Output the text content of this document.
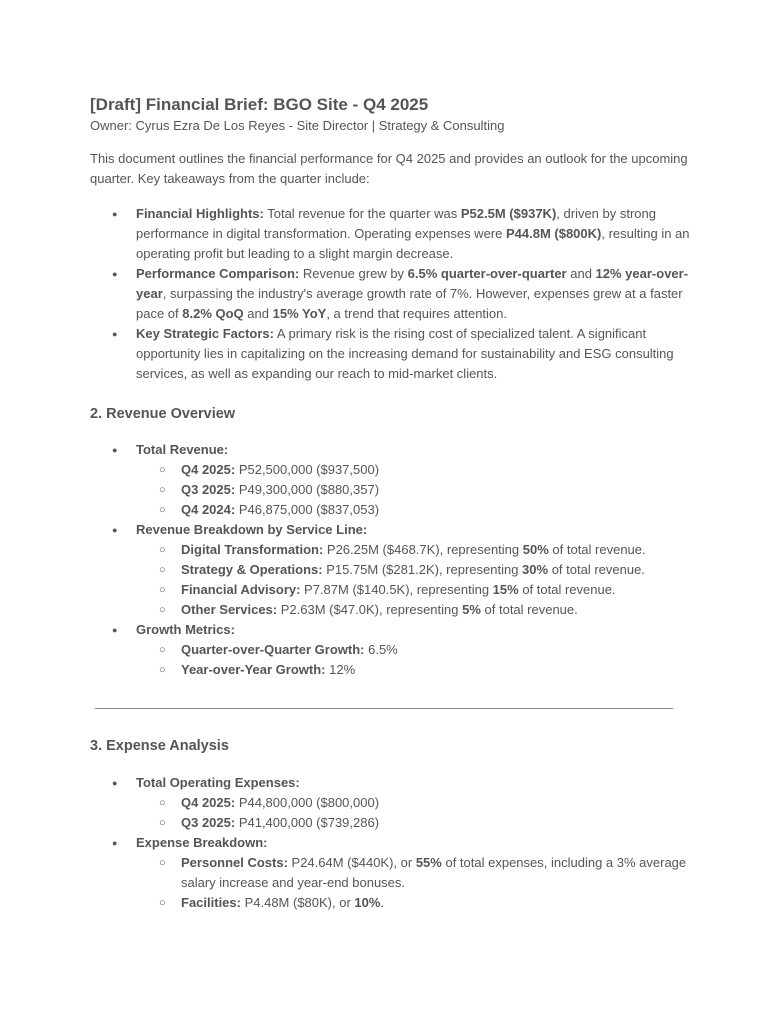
[Draft] Financial Brief: BGO Site - Q4 2025

Owner: Cyrus Ezra De Los Reyes - Site Director | Strategy & Consulting

This document outlines the financial performance for Q4 2025 and provides an outlook for the upcoming quarter. Key takeaways from the quarter include:

● Financial Highlights: Total revenue for the quarter was P52.5M ($937K), driven by strong performance in digital transformation. Operating expenses were P44.8M ($800K), resulting in an operating profit but leading to a slight margin decrease.
● Performance Comparison: Revenue grew by 6.5% quarter-over-quarter and 12% year-over-year, surpassing the industry's average growth rate of 7%. However, expenses grew at a faster pace of 8.2% QoQ and 15% YoY, a trend that requires attention.
● Key Strategic Factors: A primary risk is the rising cost of specialized talent. A significant opportunity lies in capitalizing on the increasing demand for sustainability and ESG consulting services, as well as expanding our reach to mid-market clients.
2. Revenue Overview
● Total Revenue:
○ Q4 2025: P52,500,000 ($937,500)
○ Q3 2025: P49,300,000 ($880,357)
○ Q4 2024: P46,875,000 ($837,053)
● Revenue Breakdown by Service Line:
○ Digital Transformation: P26.25M ($468.7K), representing 50% of total revenue.
○ Strategy & Operations: P15.75M ($281.2K), representing 30% of total revenue.
○ Financial Advisory: P7.87M ($140.5K), representing 15% of total revenue.
○ Other Services: P2.63M ($47.0K), representing 5% of total revenue.
● Growth Metrics:
○ Quarter-over-Quarter Growth: 6.5%
○ Year-over-Year Growth: 12%
3. Expense Analysis
● Total Operating Expenses:
○ Q4 2025: P44,800,000 ($800,000)
○ Q3 2025: P41,400,000 ($739,286)
● Expense Breakdown:
○ Personnel Costs: P24.64M ($440K), or 55% of total expenses, including a 3% average salary increase and year-end bonuses.
○ Facilities: P4.48M ($80K), or 10%.
